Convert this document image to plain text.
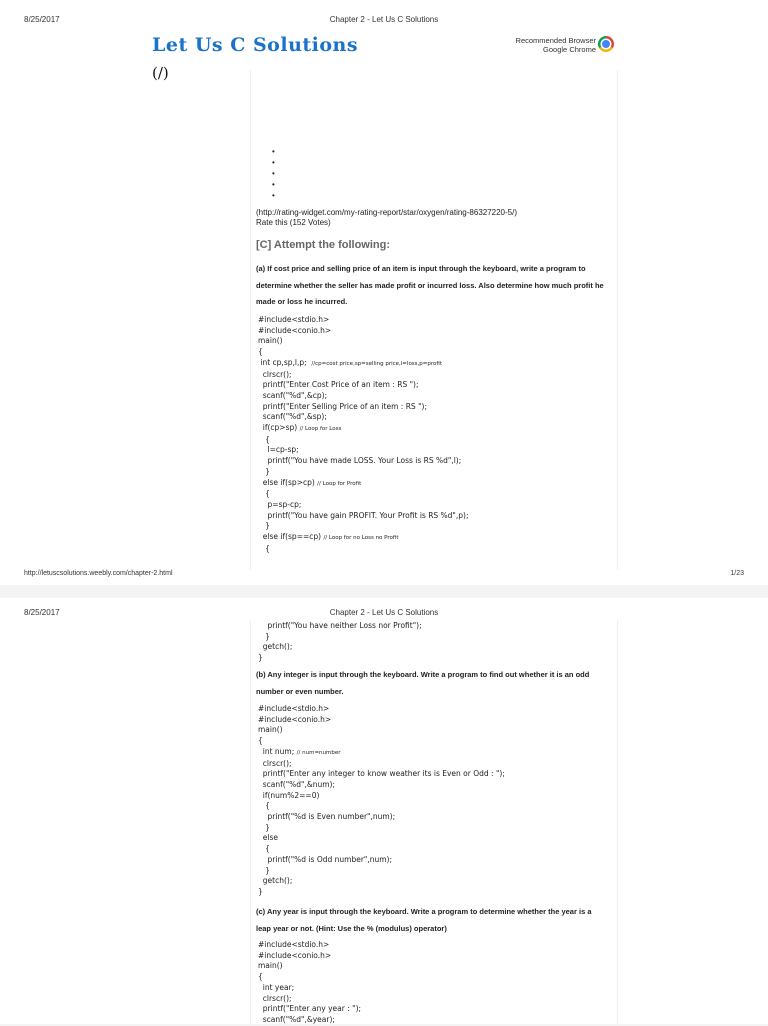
8/25/2017	Chapter 2 - Let Us C Solutions
Let Us C Solutions
(/)
Recommended Browser
Google Chrome
•
•
•
•
•
(http://rating-widget.com/my-rating-report/star/oxygen/rating-86327220-5/)
Rate this (152 Votes)
[C] Attempt the following:
(a) If cost price and selling price of an item is input through the keyboard, write a program to determine whether the seller has made profit or incurred loss. Also determine how much profit he made or loss he incurred.
#include<stdio.h>
#include<conio.h>
main()
{
int cp,sp,l,p;  //cp=cost price,sp=selling price,l=loss,p=profit
clrscr();
printf("Enter Cost Price of an item : RS ");
scanf("%d",&cp);
printf("Enter Selling Price of an item : RS ");
scanf("%d",&sp);
if(cp>sp) // Loop for Loss
{
l=cp-sp;
printf("You have made LOSS. Your Loss is RS %d",l);
}
else if(sp>cp) // Loop for Profit
{
p=sp-cp;
printf("You have gain PROFIT. Your Profit is RS %d",p);
}
else if(sp==cp) // Loop for no Loss no Profit
{
http://letuscsolutions.weebly.com/chapter-2.html	1/23
8/25/2017	Chapter 2 - Let Us C Solutions
printf("You have neither Loss nor Profit");
}
getch();
}
(b) Any integer is input through the keyboard. Write a program to find out whether it is an odd number or even number.
#include<stdio.h>
#include<conio.h>
main()
{
int num; // num=number
clrscr();
printf("Enter any integer to know weather its is Even or Odd : ");
scanf("%d",&num);
if(num%2==0)
{
printf("%d is Even number",num);
}
else
{
printf("%d is Odd number",num);
}
getch();
}
(c) Any year is input through the keyboard. Write a program to determine whether the year is a leap year or not. (Hint: Use the % (modulus) operator)
#include<stdio.h>
#include<conio.h>
main()
{
int year;
clrscr();
printf("Enter any year : ");
scanf("%d",&year);
